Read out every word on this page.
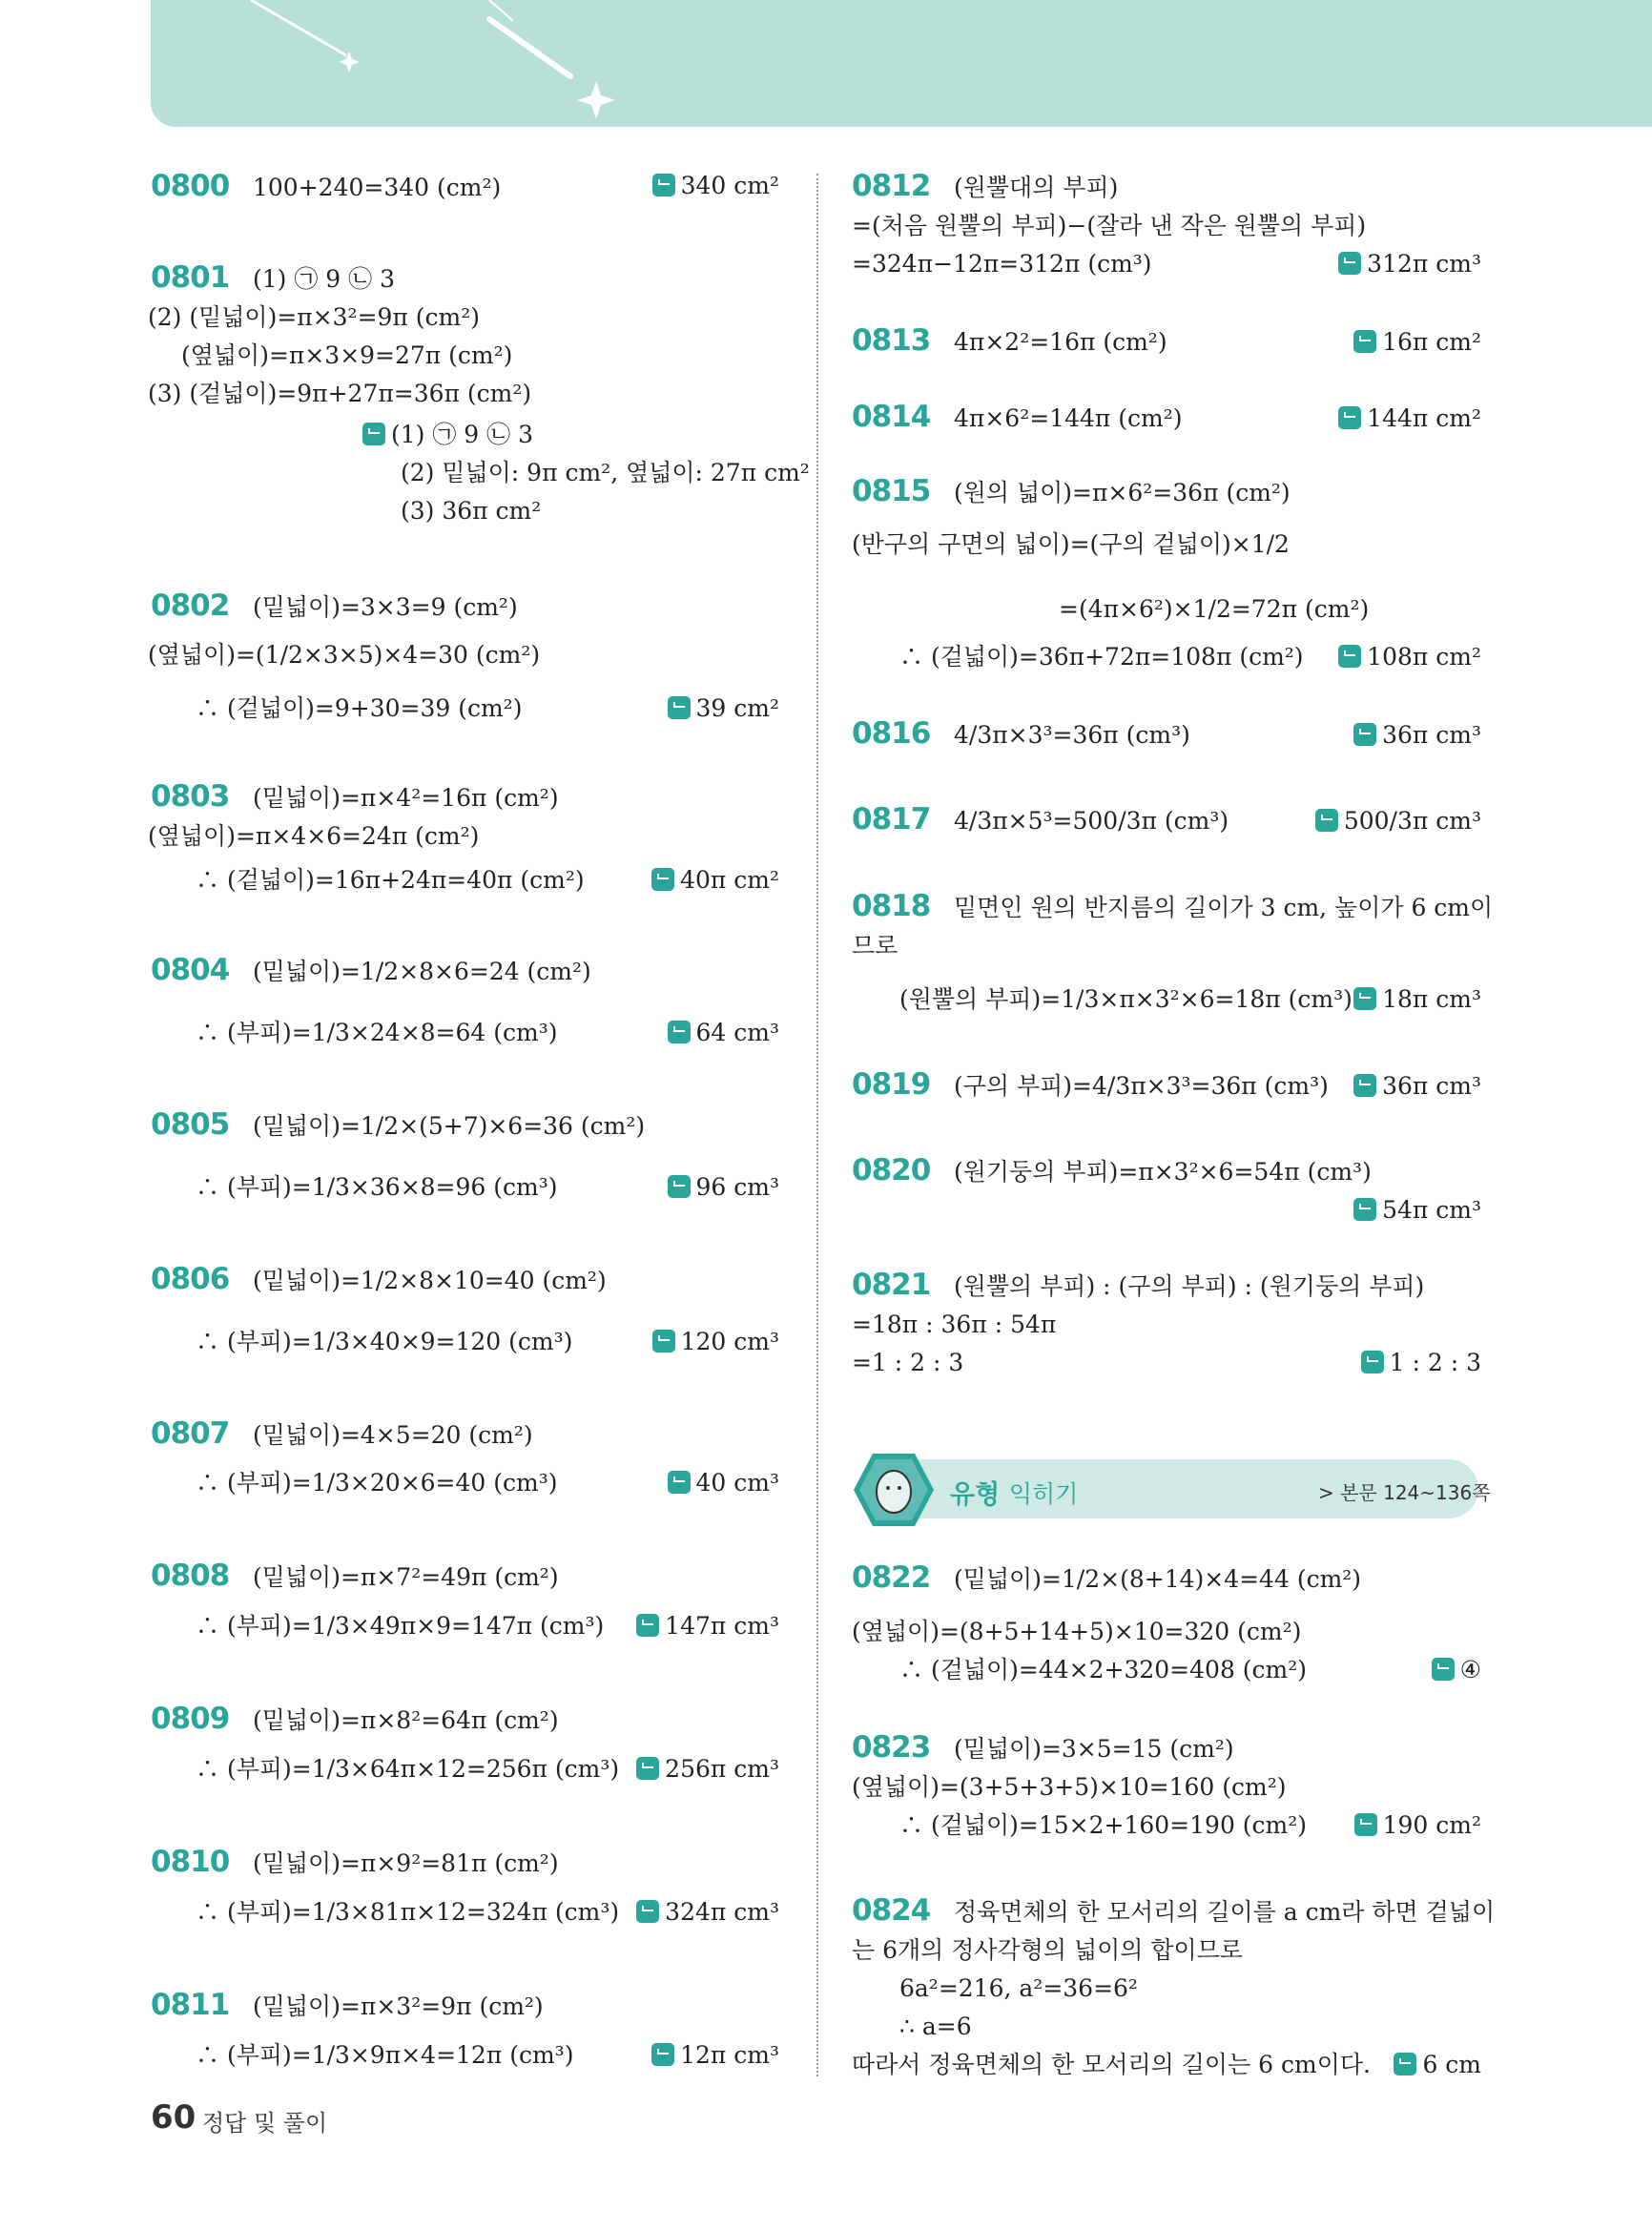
0800 100+240=340 (cm²)	340 cm²
0801 (1) ㉠ 9 ㉡ 3
(2) (밑넓이)=π×3²=9π (cm²)
(옆넓이)=π×3×9=27π (cm²)
(3) (겉넓이)=9π+27π=36π (cm²)
(1) ㉠ 9 ㉡ 3
(2) 밑넓이: 9π cm², 옆넓이: 27π cm²
(3) 36π cm²
0802 (밑넓이)=3×3=9 (cm²)
(옆넓이)=(1/2×3×5)×4=30 (cm²)
∴ (겉넓이)=9+30=39 (cm²)	39 cm²
0803 (밑넓이)=π×4²=16π (cm²)
(옆넓이)=π×4×6=24π (cm²)
∴ (겉넓이)=16π+24π=40π (cm²)	40π cm²
0804 (밑넓이)=1/2×8×6=24 (cm²)
∴ (부피)=1/3×24×8=64 (cm³)	64 cm³
0805 (밑넓이)=1/2×(5+7)×6=36 (cm²)
∴ (부피)=1/3×36×8=96 (cm³)	96 cm³
0806 (밑넓이)=1/2×8×10=40 (cm²)
∴ (부피)=1/3×40×9=120 (cm³)	120 cm³
0807 (밑넓이)=4×5=20 (cm²)
∴ (부피)=1/3×20×6=40 (cm³)	40 cm³
0808 (밑넓이)=π×7²=49π (cm²)
∴ (부피)=1/3×49π×9=147π (cm³)	147π cm³
0809 (밑넓이)=π×8²=64π (cm²)
∴ (부피)=1/3×64π×12=256π (cm³)	256π cm³
0810 (밑넓이)=π×9²=81π (cm²)
∴ (부피)=1/3×81π×12=324π (cm³)	324π cm³
0811 (밑넓이)=π×3²=9π (cm²)
∴ (부피)=1/3×9π×4=12π (cm³)	12π cm³
0812 (원뿔대의 부피)
=(처음 원뿔의 부피)−(잘라 낸 작은 원뿔의 부피)
=324π−12π=312π (cm³)	312π cm³
0813 4π×2²=16π (cm²)	16π cm²
0814 4π×6²=144π (cm²)	144π cm²
0815 (원의 넓이)=π×6²=36π (cm²)
(반구의 구면의 넓이)=(구의 겉넓이)×1/2
=(4π×6²)×1/2=72π (cm²)
∴ (겉넓이)=36π+72π=108π (cm²)	108π cm²
0816 4/3π×3³=36π (cm³)	36π cm³
0817 4/3π×5³=500/3π (cm³)	500/3π cm³
0818 밑면인 원의 반지름의 길이가 3 cm, 높이가 6 cm이
므로
(원뿔의 부피)=1/3×π×3²×6=18π (cm³)	18π cm³
0819 (구의 부피)=4/3π×3³=36π (cm³)	36π cm³
0820 (원기둥의 부피)=π×3²×6=54π (cm³)
54π cm³
0821 (원뿔의 부피) : (구의 부피) : (원기둥의 부피)
=18π : 36π : 54π
=1 : 2 : 3	1 : 2 : 3
0822 (밑넓이)=1/2×(8+14)×4=44 (cm²)
(옆넓이)=(8+5+14+5)×10=320 (cm²)
∴ (겉넓이)=44×2+320=408 (cm²)	④
0823 (밑넓이)=3×5=15 (cm²)
(옆넓이)=(3+5+3+5)×10=160 (cm²)
∴ (겉넓이)=15×2+160=190 (cm²)	190 cm²
0824 정육면체의 한 모서리의 길이를 a cm라 하면 겉넓이
는 6개의 정사각형의 넓이의 합이므로
6a²=216, a²=36=6²
∴ a=6
따라서 정육면체의 한 모서리의 길이는 6 cm이다.	6 cm
유형 익히기	> 본문 124~136쪽
60 정답 및 풀이
